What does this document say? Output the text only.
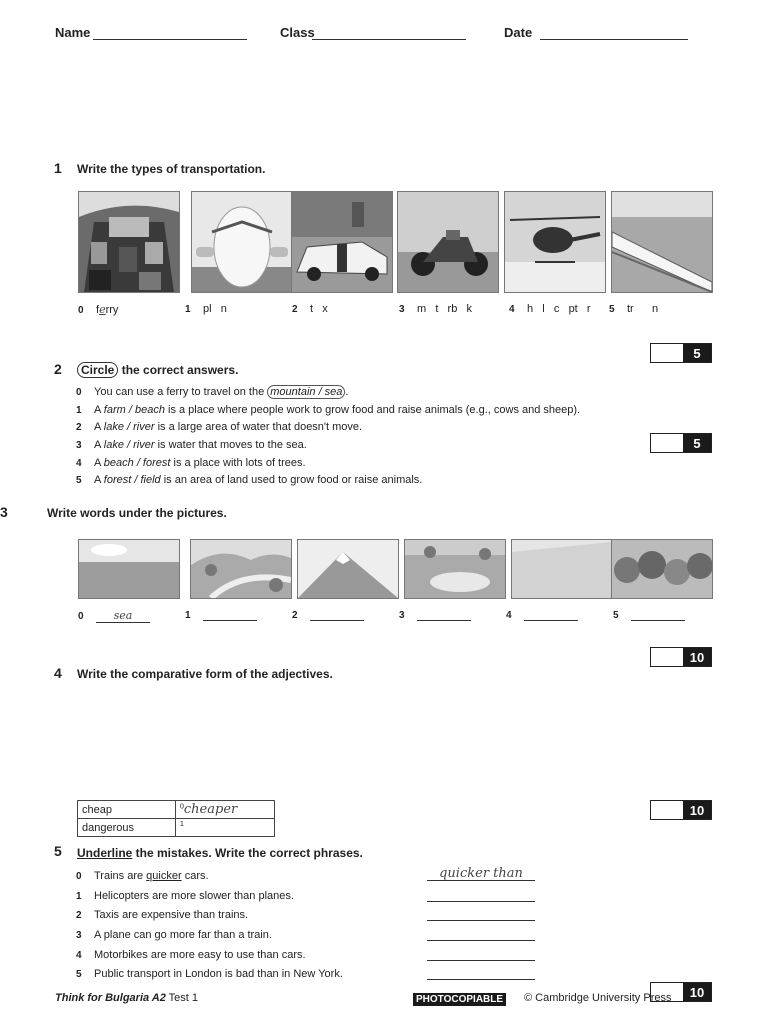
Name	Class	Date
1 Write the types of transportation.
0 ferry	1 pl   n	2 t   x	3 m   t   rb   k	4 h   l   c   pt   r 5 tr      n
5
2	Circle the correct answers.
0 You can use a ferry to travel on the mountain / sea .
1 A farm / beach is a place where people work to grow food and raise animals (e.g., cows and sheep).
2 A lake / river is a large area of water that doesn't move.
3 A lake / river is water that moves to the sea.
4 A beach / forest is a place with lots of trees.
5 A forest / field is an area of land used to grow food or raise animals.
5
3	Write words under the pictures.
0	sea	1	2	3	4	5
10
4 Write the comparative form of the adjectives.
cheap	$^0$cheaper
dangerous	$^1$
10
5 Underline the mistakes. Write the correct phrases.
0 Trains are quicker cars.
1 Helicopters are more slower than planes.
2 Taxis are expensive than trains.
3 A plane can go more far than a train.
4 Motorbikes are more easy to use than cars.
5 Public transport in London is bad than in New York.
quicker than
10
Think for Bulgaria A2 Test 1	PHOTOCOPIABLE © Cambridge University Press
